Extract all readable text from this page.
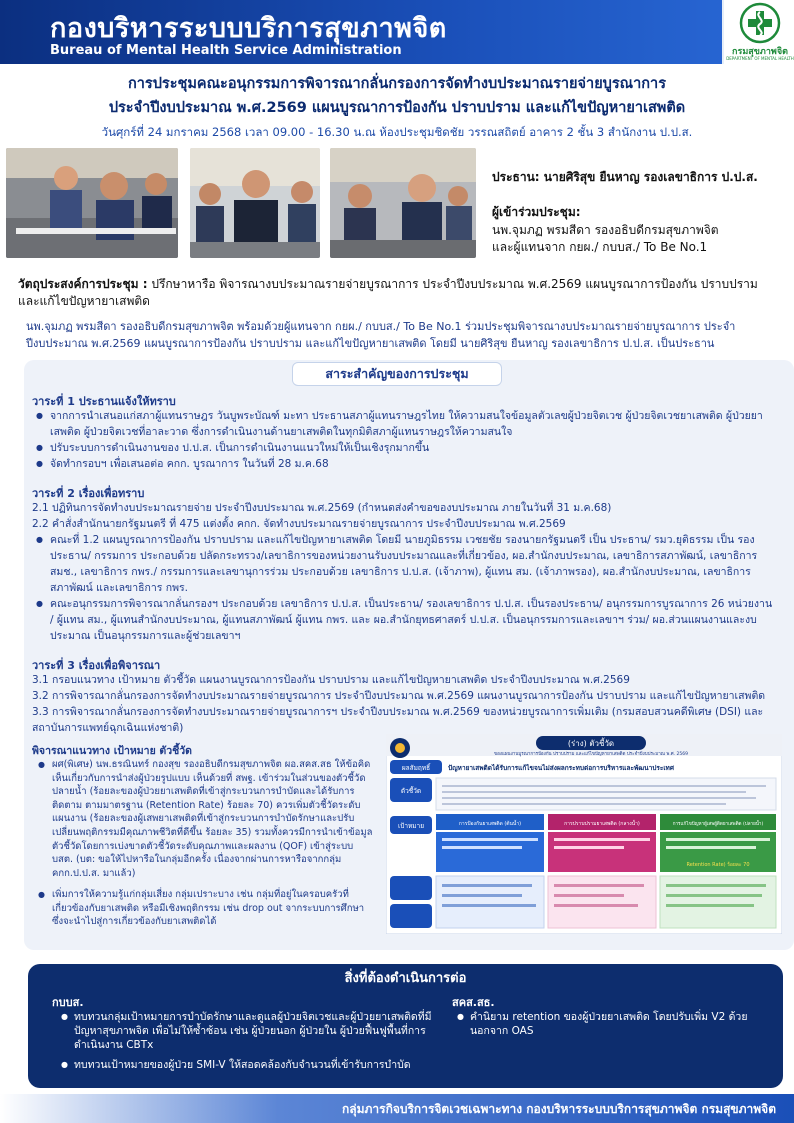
กองบริหารระบบบริการสุขภาพจิต
Bureau of Mental Health Service Administration	กรมสุขภาพจิต
DEPARTMENT OF MENTAL HEALTH
การประชุมคณะอนุกรรมการพิจารณากลั่นกรองการจัดทำงบประมาณรายจ่ายบูรณาการ
ประจำปีงบประมาณ พ.ศ.2569 แผนบูรณาการป้องกัน ปราบปราม และแก้ไขปัญหายาเสพติด
วันศุกร์ที่ 24 มกราคม 2568 เวลา 09.00 - 16.30 น.ณ ห้องประชุมชิดชัย วรรณสถิตย์ อาคาร 2 ชั้น 3 สำนักงาน ป.ป.ส.
ประธาน: นายศิริสุข ยืนหาญ รองเลขาธิการ ป.ป.ส.
ผู้เข้าร่วมประชุม:
นพ.จุมภฏ พรมสีดา รองอธิบดีกรมสุขภาพจิต
และผู้แทนจาก กยผ./ กบบส./ To Be No.1
วัตถุประสงค์การประชุม : ปรึกษาหารือ พิจารณางบประมาณรายจ่ายบูรณาการ ประจำปีงบประมาณ พ.ศ.2569 แผนบูรณาการป้องกัน ปราบปราม และแก้ไขปัญหายาเสพติด
นพ.จุมภฏ พรมสีดา รองอธิบดีกรมสุขภาพจิต พร้อมด้วยผู้แทนจาก กยผ./ กบบส./ To Be No.1 ร่วมประชุมพิจารณางบประมาณรายจ่ายบูรณาการ ประจำปีงบประมาณ พ.ศ.2569 แผนบูรณาการป้องกัน ปราบปราม และแก้ไขปัญหายาเสพติด โดยมี นายศิริสุข ยืนหาญ รองเลขาธิการ ป.ป.ส. เป็นประธาน
สาระสำคัญของการประชุม
วาระที่ 1 ประธานแจ้งให้ทราบ
● จากการนำเสนอแก่สภาผู้แทนราษฎร วันบูพระบัณฑ์ มะทา ประธานสภาผู้แทนราษฎรไทย ให้ความสนใจข้อมูลตัวเลขผู้ป่วยจิตเวช ผู้ป่วยจิตเวชยาเสพติด ผู้ป่วยยาเสพติด ผู้ป่วยจิตเวชที่อาละวาด ซึ่งการดำเนินงานด้านยาเสพติดในทุกมิติสภาผู้แทนราษฎรให้ความสนใจ
● ปรับระบบการดำเนินงานของ ป.ป.ส. เป็นการดำเนินงานแนวใหม่ให้เป็นเชิงรุกมากขึ้น
● จัดทำกรอบฯ เพื่อเสนอต่อ คกก. บูรณาการ ในวันที่ 28 ม.ค.68
วาระที่ 2 เรื่องเพื่อทราบ
2.1 ปฏิทินการจัดทำงบประมาณรายจ่าย ประจำปีงบประมาณ พ.ศ.2569 (กำหนดส่งคำขอของบประมาณ ภายในวันที่ 31 ม.ค.68)
2.2 คำสั่งสำนักนายกรัฐมนตรี ที่ 475 แต่งตั้ง คกก. จัดทำงบประมาณรายจ่ายบูรณาการ ประจำปีงบประมาณ พ.ศ.2569
● คณะที่ 1.2 แผนบูรณาการป้องกัน ปราบปราม และแก้ไขปัญหายาเสพติด โดยมี นายภูมิธรรม เวชยชัย รองนายกรัฐมนตรี เป็น ประธาน/ รมว.ยุติธรรม เป็น รองประธาน/ กรรมการ ประกอบด้วย ปลัดกระทรวง/เลขาธิการของหน่วยงานรับงบประมาณและที่เกี่ยวข้อง, ผอ.สำนักงบประมาณ, เลขาธิการสภาพัฒน์, เลขาธิการ สมช., เลขาธิการ กพร./ กรรมการและเลขานุการร่วม ประกอบด้วย เลขาธิการ ป.ป.ส. (เจ้าภาพ), ผู้แทน สม. (เจ้าภาพรอง), ผอ.สำนักงบประมาณ, เลขาธิการสภาพัฒน์ และเลขาธิการ กพร.
● คณะอนุกรรมการพิจารณากลั่นกรองฯ ประกอบด้วย เลขาธิการ ป.ป.ส. เป็นประธาน/ รองเลขาธิการ ป.ป.ส. เป็นรองประธาน/ อนุกรรมการบูรณาการ 26 หน่วยงาน / ผู้แทน สม., ผู้แทนสำนักงบประมาณ, ผู้แทนสภาพัฒน์ ผู้แทน กพร. และ ผอ.สำนักยุทธศาสตร์ ป.ป.ส. เป็นอนุกรรมการและเลขาฯ ร่วม/ ผอ.ส่วนแผนงานและงบประมาณ เป็นอนุกรรมการและผู้ช่วยเลขาฯ
วาระที่ 3 เรื่องเพื่อพิจารณา
3.1 กรอบแนวทาง เป้าหมาย ตัวชี้วัด แผนงานบูรณาการป้องกัน ปราบปราม และแก้ไขปัญหายาเสพติด ประจำปีงบประมาณ พ.ศ.2569
3.2 การพิจารณากลั่นกรองการจัดทำงบประมาณรายจ่ายบูรณาการ ประจำปีงบประมาณ พ.ศ.2569 แผนงานบูรณาการป้องกัน ปราบปราม และแก้ไขปัญหายาเสพติด
3.3 การพิจารณากลั่นกรองการจัดทำงบประมาณรายจ่ายบูรณาการฯ ประจำปีงบประมาณ พ.ศ.2569 ของหน่วยบูรณาการเพิ่มเติม (กรมสอบสวนคดีพิเศษ (DSI) และ
สถาบันการแพทย์ฉุกเฉินแห่งชาติ)
พิจารณาแนวทาง เป้าหมาย ตัวชี้วัด
● ผศ(พิเศษ) นพ.ธรณินทร์ กองสุข รองอธิบดีกรมสุขภาพจิต ผอ.สคส.สธ ให้ข้อคิดเห็นเกี่ยวกับการนำส่งผู้ป่วยรูปแบบ เห็นด้วยที่ สพฐ. เข้าร่วมในส่วนของตัวชี้วัดปลายน้ำ (ร้อยละของผู้ป่วยยาเสพติดที่เข้าสู่กระบวนการบำบัดและได้รับการติดตาม ตามมาตรฐาน (Retention Rate) ร้อยละ 70) ควรเพิ่มตัวชี้วัดระดับแผนงาน (ร้อยละของผู้เสพยาเสพติดที่เข้าสู่กระบวนการบำบัดรักษาและปรับเปลี่ยนพฤติกรรมมีคุณภาพชีวิตที่ดีขึ้น ร้อยละ 35) รวมทั้งควรมีการนำเข้าข้อมูลตัวชี้วัดโดยการเบ่งขาดตัวชี้วัดระดับคุณภาพและผลงาน (QOF) เข้าสู่ระบบ บสต. (บต: ขอให้ไปหารือในกลุ่มอีกครั้ง เนื่องจากผ่านการหารือจากกลุ่ม คกก.ป.ป.ส. มาแล้ว)
● เพิ่มการให้ความรู้แก่กลุ่มเสี่ยง กลุ่มเปราะบาง เช่น กลุ่มที่อยู่ในครอบครัวที่เกี่ยวข้องกับยาเสพติด หรือมีเชิงพฤติกรรม เช่น drop out จากระบบการศึกษา ซึ่งจะนำไปสู่การเกี่ยวข้องกับยาเสพติดได้
(ร่าง) ตัวชี้วัด
ของแผนงานบูรณาการป้องกัน ปราบปราม และแก้ไขปัญหายาเสพติด ประจำปีงบประมาณ พ.ศ. 2569
ผลสัมฤทธิ์	ปัญหายาเสพติดได้รับการแก้ไขจนไม่ส่งผลกระทบต่อการบริหารและพัฒนาประเทศ
ตัวชี้วัด
เป้าหมาย	การป้องกันยาเสพติด (ต้นน้ำ)	การปราบปรามยาเสพติด (กลางน้ำ)	การแก้ไขปัญหาผู้เสพผู้ติดยาเสพติด (ปลายน้ำ)
Retention Rate) ร้อยละ 70
สิ่งที่ต้องดำเนินการต่อ
กบบส.
● ทบทวนกลุ่มเป้าหมายการบำบัดรักษาและดูแลผู้ป่วยจิตเวชและผู้ป่วยยาเสพติดที่มีปัญหาสุขภาพจิต เพื่อไม่ให้ซ้ำซ้อน เช่น ผู้ป่วยนอก ผู้ป่วยใน ผู้ป่วยฟื้นฟูพื้นที่การดำเนินงาน CBTx
● ทบทวนเป้าหมายของผู้ป่วย SMI-V ให้สอดคล้องกับจำนวนที่เข้ารับการบำบัด
สคส.สธ.
● คำนิยาม retention ของผู้ป่วยยาเสพติด โดยปรับเพิ่ม V2 ด้วยนอกจาก OAS
กลุ่มภารกิจบริการจิตเวชเฉพาะทาง กองบริหารระบบบริการสุขภาพจิต กรมสุขภาพจิต
